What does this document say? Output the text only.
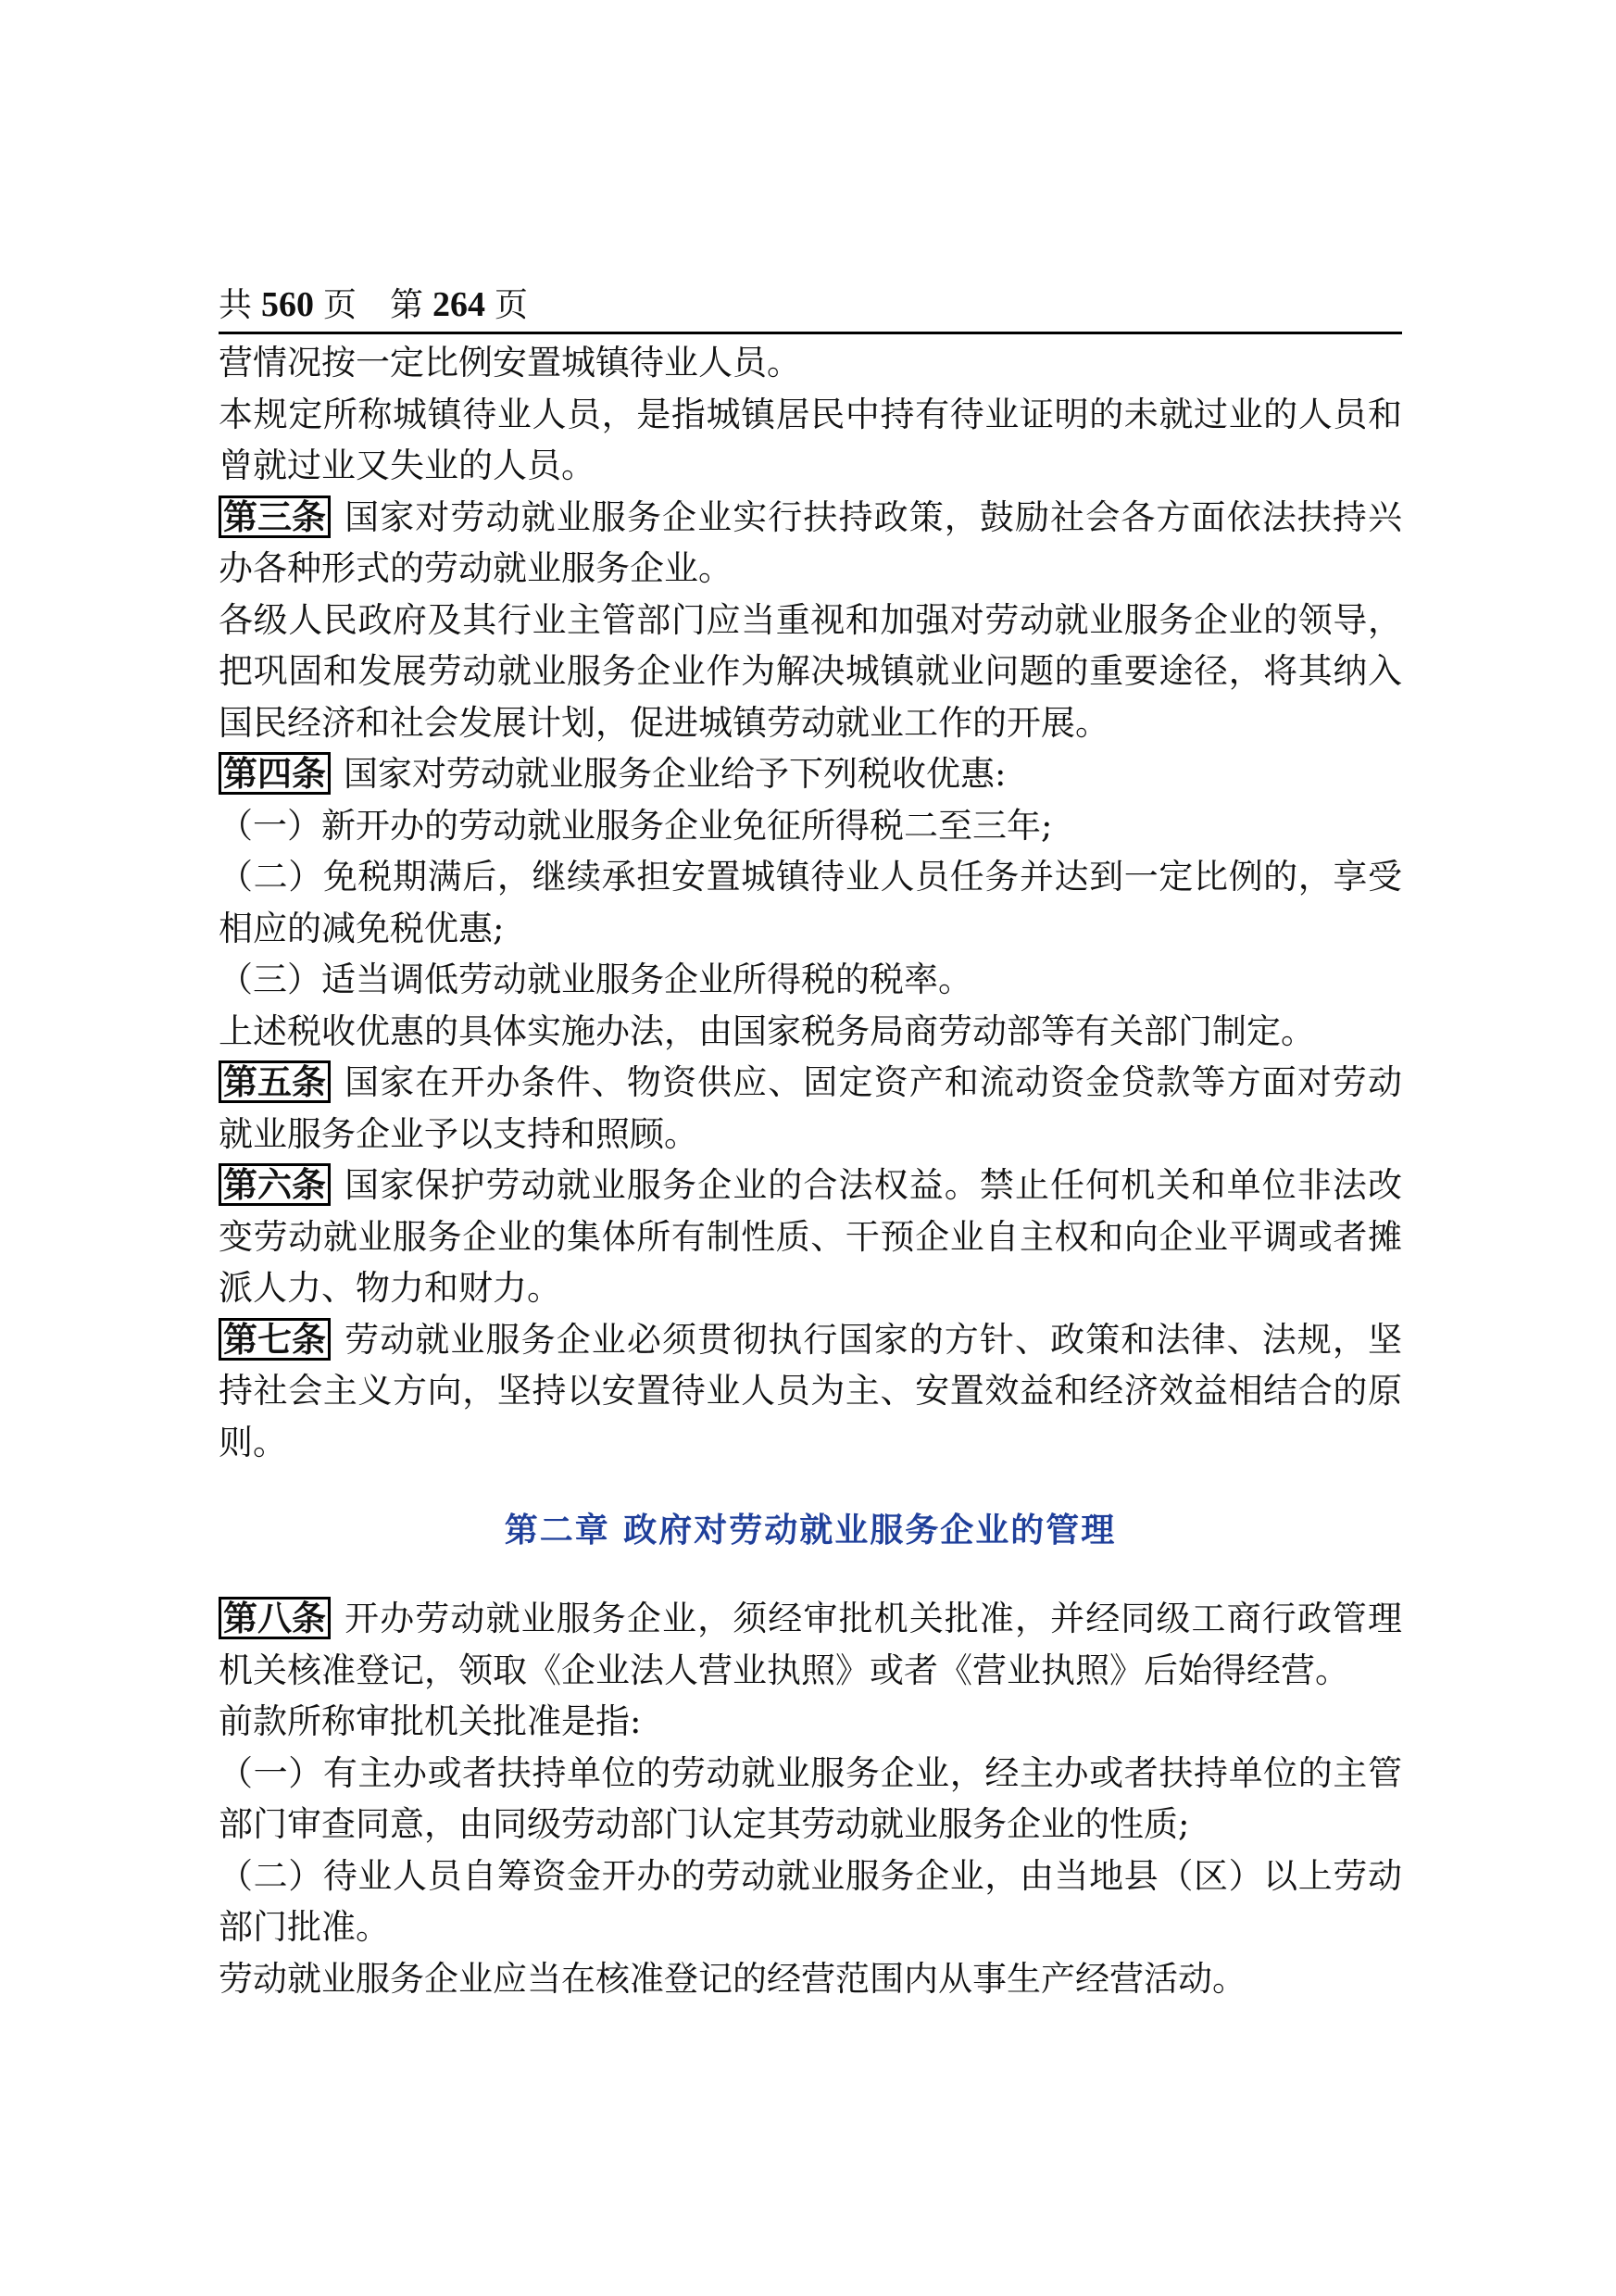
共 560 页 第 264 页
营情况按一定比例安置城镇待业人员。
本规定所称城镇待业人员，是指城镇居民中持有待业证明的未就过业的人员和
曾就过业又失业的人员。
第三条 国家对劳动就业服务企业实行扶持政策，鼓励社会各方面依法扶持兴
办各种形式的劳动就业服务企业。
各级人民政府及其行业主管部门应当重视和加强对劳动就业服务企业的领导，
把巩固和发展劳动就业服务企业作为解决城镇就业问题的重要途径，将其纳入
国民经济和社会发展计划，促进城镇劳动就业工作的开展。
第四条 国家对劳动就业服务企业给予下列税收优惠:
（一）新开办的劳动就业服务企业免征所得税二至三年;
（二）免税期满后，继续承担安置城镇待业人员任务并达到一定比例的，享受
相应的减免税优惠;
（三）适当调低劳动就业服务企业所得税的税率。
上述税收优惠的具体实施办法，由国家税务局商劳动部等有关部门制定。
第五条 国家在开办条件、物资供应、固定资产和流动资金贷款等方面对劳动
就业服务企业予以支持和照顾。
第六条 国家保护劳动就业服务企业的合法权益。禁止任何机关和单位非法改
变劳动就业服务企业的集体所有制性质、干预企业自主权和向企业平调或者摊
派人力、物力和财力。
第七条 劳动就业服务企业必须贯彻执行国家的方针、政策和法律、法规，坚
持社会主义方向，坚持以安置待业人员为主、安置效益和经济效益相结合的原
则。
第二章 政府对劳动就业服务企业的管理
第八条 开办劳动就业服务企业，须经审批机关批准，并经同级工商行政管理
机关核准登记，领取《企业法人营业执照》或者《营业执照》后始得经营。
前款所称审批机关批准是指:
（一）有主办或者扶持单位的劳动就业服务企业，经主办或者扶持单位的主管
部门审查同意，由同级劳动部门认定其劳动就业服务企业的性质;
（二）待业人员自筹资金开办的劳动就业服务企业，由当地县（区）以上劳动
部门批准。
劳动就业服务企业应当在核准登记的经营范围内从事生产经营活动。
